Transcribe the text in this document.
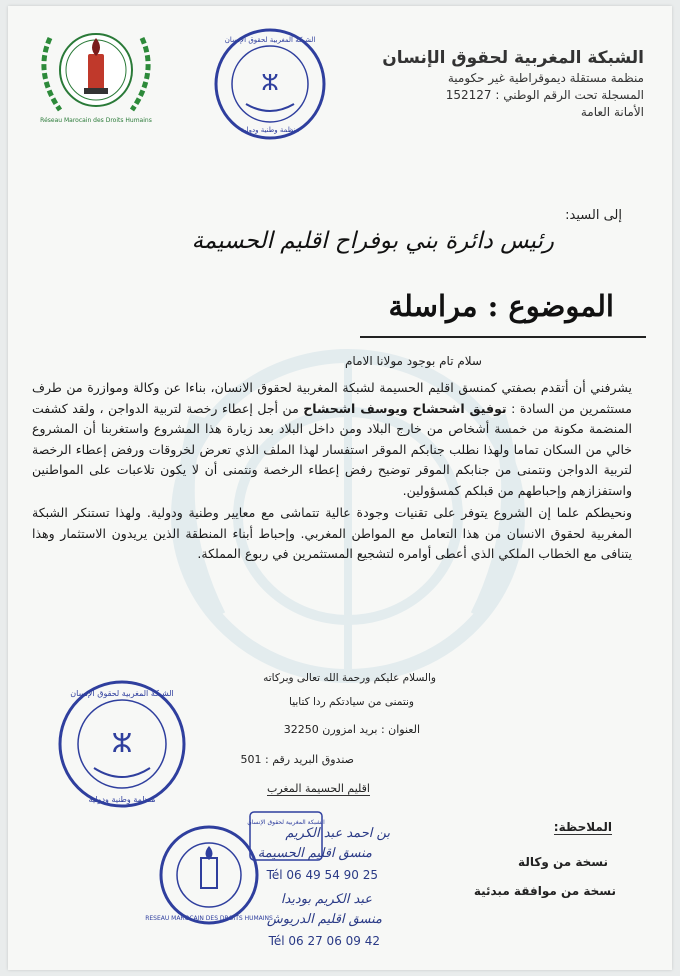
Réseau Marocain des Droits Humains
ⵣ
الشبكة المغربية لحقوق الإنسان
منظمة وطنية ودولية
الشبكة المغربية لحقوق الإنسان
منظمة مستقلة ديموقراطية غير حكومية
المسجلة تحت الرقم الوطني : 152127
الأمانة العامة
إلى السيد:
رئيس دائرة بني بوفراح اقليم الحسيمة
الموضوع : مراسلة
سلام تام بوجود مولانا الامام

يشرفني أن أتقدم بصفتي كمنسق اقليم الحسيمة لشبكة المغربية لحقوق الانسان، بناءا عن وكالة وموازرة من طرف مستثمرين من السادة : توفيق اشحشاح ويوسف اشحشاح من أجل إعطاء رخصة لتربية الدواجن ، ولقد كشفت المنضمة مكونة من خمسة أشخاص من خارج البلاد ومن داخل البلاد بعد زيارة هذا المشروع واستغربنا أن المشروع خالي من السكان تماما ولهذا نطلب جنابكم الموقر استفسار لهذا الملف الذي تعرض لخروقات ورفض إعطاء الرخصة لتربية الدواجن ونتمنى من جنابكم الموقر توضيح رفض إعطاء الرخصة ونتمنى أن لا يكون تلاعبات على المواطنين واستفزازهم وإحباطهم من قبلكم كمسؤولين.

ونحيطكم علما إن الشروع يتوفر على تقنيات وجودة عالية تتماشى مع معايير وطنية ودولية. ولهذا تستنكر الشبكة المغربية لحقوق الانسان من هذا التعامل مع المواطن المغربي. وإحباط أبناء المنطقة الذين يريدون الاستثمار وهذا يتنافى مع الخطاب الملكي الذي أعطى أوامره لتشجيع المستثمرين في ربوع المملكة.

ⵣ
الشبكة المغربية لحقوق الإنسان
منظمة وطنية ودولية
والسلام عليكم ورحمة الله تعالى وبركاته
ونتمنى من سيادتكم ردا كتابيا
العنوان : بريد امزورن 32250
صندوق البريد رقم : 501
اقليم الحسيمة المغرب
الشبكة المغربية لحقوق الإنسان
RESEAU MAROCAIN DES DROITS HUMAINS
الملاحظة:
نسخة من وكالة
نسخة من موافقة مبدئية
بن احمد عبد الكريم
منسق اقليم الحسيمة
Tél 06 49 54 90 25
عبد الكريم بوديدا
منسق اقليم الدريوش
Tél 06 27 06 09 42
